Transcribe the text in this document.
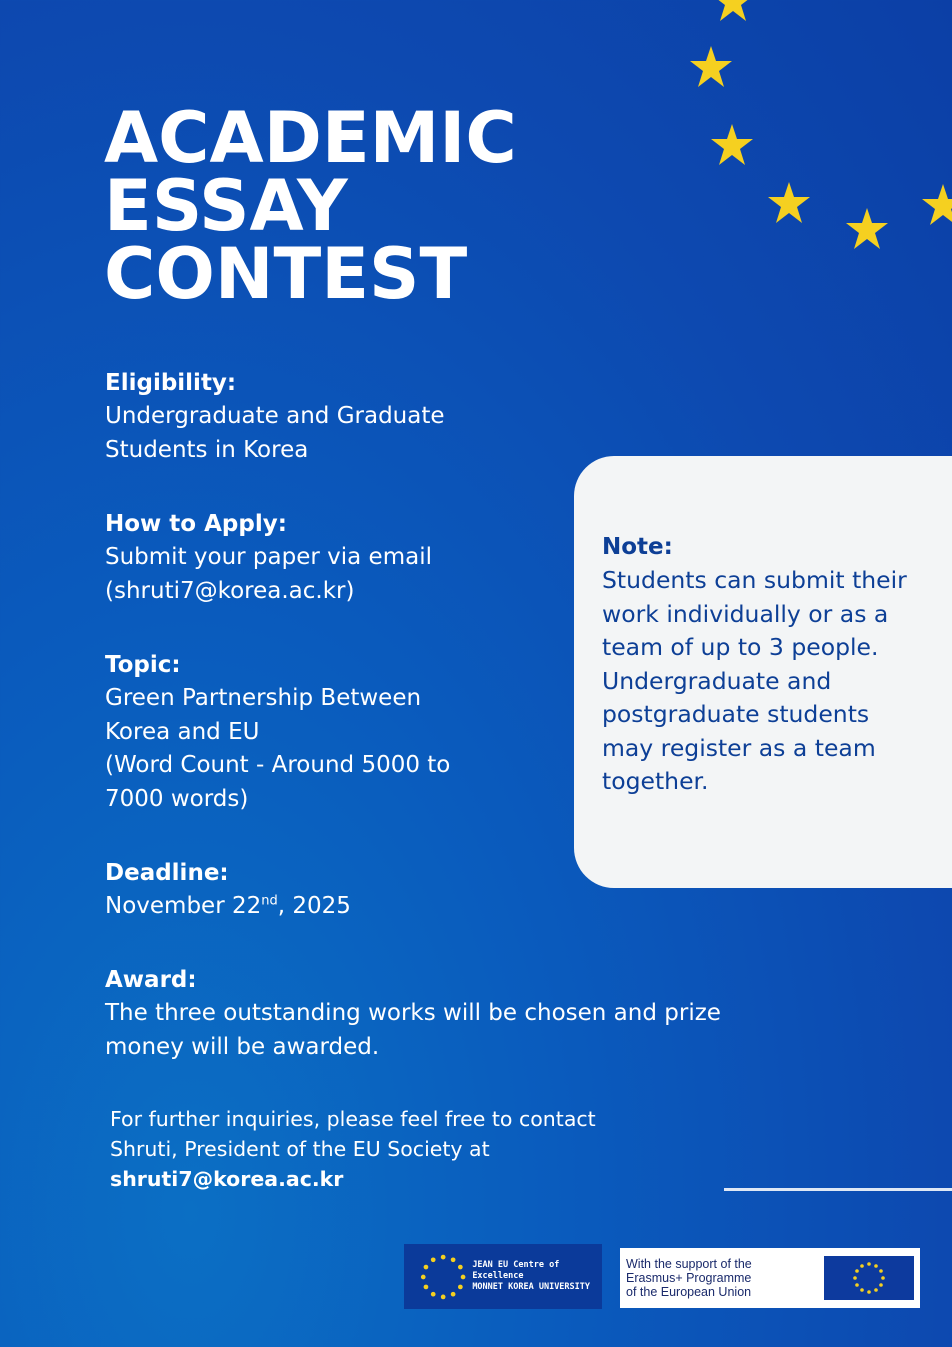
ACADEMIC
ESSAY
CONTEST
Eligibility:
Undergraduate and Graduate
Students in Korea
How to Apply:
Submit your paper via email
(shruti7@korea.ac.kr)
Topic:
Green Partnership Between
Korea and EU
(Word Count - Around 5000 to
7000 words)
Deadline:
November 22nd, 2025
Award:
The three outstanding works will be chosen and prize
money will be awarded.
Note:
Students can submit their
work individually or as a
team of up to 3 people.
Undergraduate and
postgraduate students
may register as a team
together.
For further inquiries, please feel free to contact
Shruti, President of the EU Society at
shruti7@korea.ac.kr
JEAN EU Centre of Excellence
MONNET KOREA UNIVERSITY
With the support of the
Erasmus+ Programme
of the European Union
